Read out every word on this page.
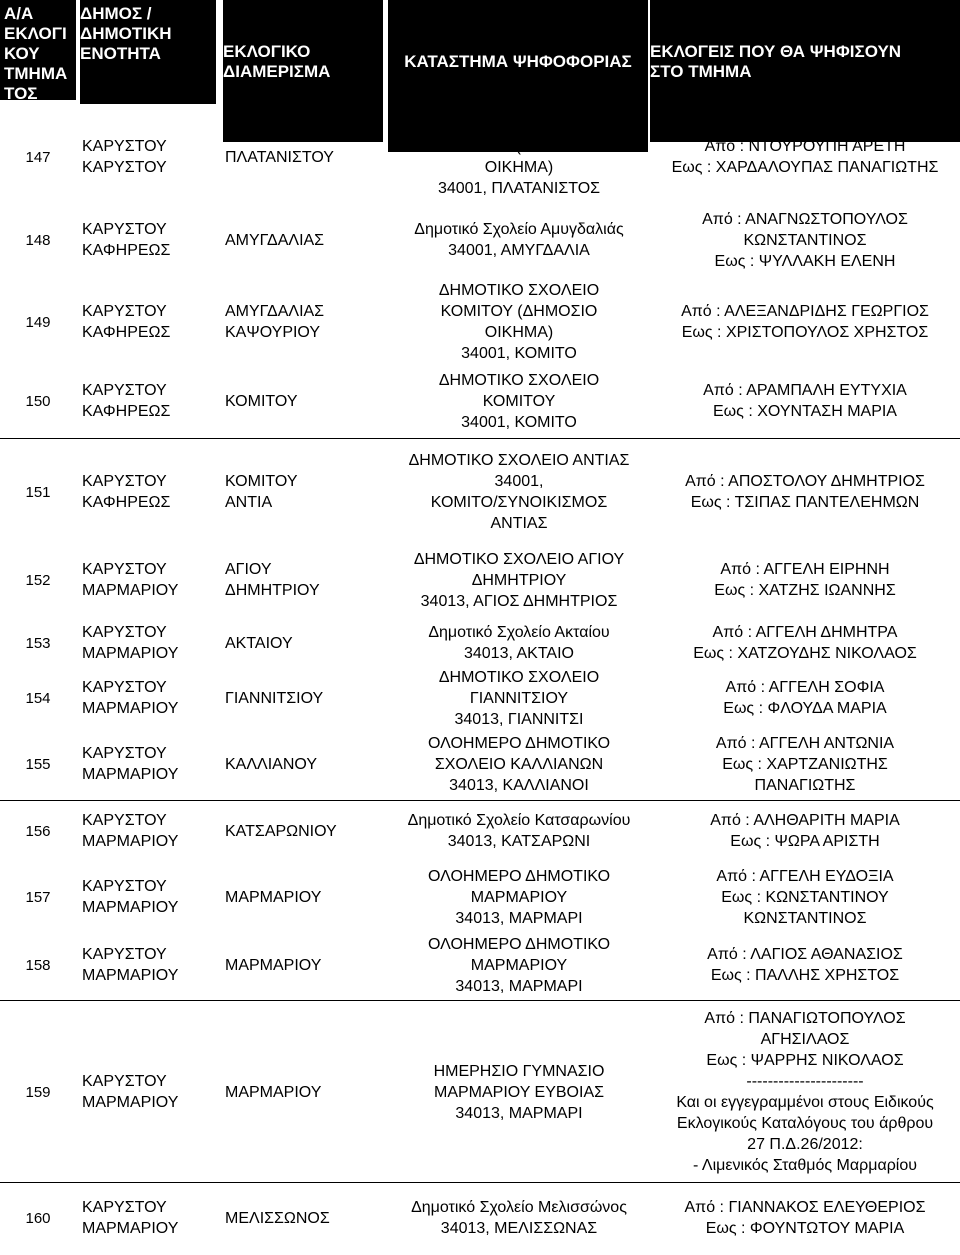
Α/Α
ΕΚΛΟΓΙ
ΚΟΥ
ΤΜΗΜΑ
ΤΟΣ
ΔΗΜΟΣ /
ΔΗΜΟΤΙΚΗ
ΕΝΟΤΗΤΑ	ΕΚΛΟΓΙΚΟ
ΔΙΑΜΕΡΙΣΜΑ
ΚΑΤΑΣΤΗΜΑ ΨΗΦΟΦΟΡΙΑΣ
ΕΚΛΟΓΕΙΣ ΠΟΥ ΘΑ ΨΗΦΙΣΟΥΝ
ΣΤΟ ΤΜΗΜΑ
147
ΚΑΡΥΣΤΟΥ
ΚΑΡΥΣΤΟΥ
ΠΛΑΤΑΝΙΣΤΟΥ
ΠΡΩΗΝ ΚΟΙΝΟΤΙΚΟ
ΓΡΑΦΕΙΟ (ΔΗΜΟΣΙΟ
ΟΙΚΗΜΑ)
34001, ΠΛΑΤΑΝΙΣΤΟΣ
Από : ΝΤΟΥΡΟΥΠΗ ΑΡΕΤΗ
Εως : ΧΑΡΔΑΛΟΥΠΑΣ ΠΑΝΑΓΙΩΤΗΣ
148
ΚΑΡΥΣΤΟΥ
ΚΑΦΗΡΕΩΣ
ΑΜΥΓΔΑΛΙΑΣ
Δημοτικό Σχολείο Αμυγδαλιάς
34001, ΑΜΥΓΔΑΛΙΑ
Από : ΑΝΑΓΝΩΣΤΟΠΟΥΛΟΣ
ΚΩΝΣΤΑΝΤΙΝΟΣ
Εως : ΨΥΛΛΑΚΗ ΕΛΕΝΗ
149
ΚΑΡΥΣΤΟΥ
ΚΑΦΗΡΕΩΣ
ΑΜΥΓΔΑΛΙΑΣ
ΚΑΨΟΥΡΙΟΥ
ΔΗΜΟΤΙΚΟ ΣΧΟΛΕΙΟ
ΚΟΜΙΤΟΥ (ΔΗΜΟΣΙΟ
ΟΙΚΗΜΑ)
34001, ΚΟΜΙΤΟ
Από : ΑΛΕΞΑΝΔΡΙΔΗΣ ΓΕΩΡΓΙΟΣ
Εως : ΧΡΙΣΤΟΠΟΥΛΟΣ ΧΡΗΣΤΟΣ
150
ΚΑΡΥΣΤΟΥ
ΚΑΦΗΡΕΩΣ
ΚΟΜΙΤΟΥ
ΔΗΜΟΤΙΚΟ ΣΧΟΛΕΙΟ
ΚΟΜΙΤΟΥ
34001, ΚΟΜΙΤΟ
Από : ΑΡΑΜΠΑΛΗ ΕΥΤΥΧΙΑ
Εως : ΧΟΥΝΤΑΣΗ ΜΑΡΙΑ
151
ΚΑΡΥΣΤΟΥ
ΚΑΦΗΡΕΩΣ
ΚΟΜΙΤΟΥ
ΑΝΤΙΑ
ΔΗΜΟΤΙΚΟ ΣΧΟΛΕΙΟ ΑΝΤΙΑΣ
34001,
ΚΟΜΙΤΟ/ΣΥΝΟΙΚΙΣΜΟΣ
ΑΝΤΙΑΣ
Από : ΑΠΟΣΤΟΛΟΥ ΔΗΜΗΤΡΙΟΣ
Εως : ΤΣΙΠΑΣ ΠΑΝΤΕΛΕΗΜΩΝ
152
ΚΑΡΥΣΤΟΥ
ΜΑΡΜΑΡΙΟΥ
ΑΓΙΟΥ
ΔΗΜΗΤΡΙΟΥ
ΔΗΜΟΤΙΚΟ ΣΧΟΛΕΙΟ ΑΓΙΟΥ
ΔΗΜΗΤΡΙΟΥ
34013, ΑΓΙΟΣ ΔΗΜΗΤΡΙΟΣ
Από : ΑΓΓΕΛΗ ΕΙΡΗΝΗ
Εως : ΧΑΤΖΗΣ ΙΩΑΝΝΗΣ
153
ΚΑΡΥΣΤΟΥ
ΜΑΡΜΑΡΙΟΥ
ΑΚΤΑΙΟΥ
Δημοτικό Σχολείο Ακταίου
34013, ΑΚΤΑΙΟ
Από : ΑΓΓΕΛΗ ΔΗΜΗΤΡΑ
Εως : ΧΑΤΖΟΥΔΗΣ ΝΙΚΟΛΑΟΣ
154
ΚΑΡΥΣΤΟΥ
ΜΑΡΜΑΡΙΟΥ
ΓΙΑΝΝΙΤΣΙΟΥ
ΔΗΜΟΤΙΚΟ ΣΧΟΛΕΙΟ
ΓΙΑΝΝΙΤΣΙΟΥ
34013, ΓΙΑΝΝΙΤΣΙ
Από : ΑΓΓΕΛΗ ΣΟΦΙΑ
Εως : ΦΛΟΥΔΑ ΜΑΡΙΑ
155
ΚΑΡΥΣΤΟΥ
ΜΑΡΜΑΡΙΟΥ
ΚΑΛΛΙΑΝΟΥ
ΟΛΟΗΜΕΡΟ ΔΗΜΟΤΙΚΟ
ΣΧΟΛΕΙΟ ΚΑΛΛΙΑΝΩΝ
34013, ΚΑΛΛΙΑΝΟΙ
Από : ΑΓΓΕΛΗ ΑΝΤΩΝΙΑ
Εως : ΧΑΡΤΖΑΝΙΩΤΗΣ
ΠΑΝΑΓΙΩΤΗΣ
156
ΚΑΡΥΣΤΟΥ
ΜΑΡΜΑΡΙΟΥ
ΚΑΤΣΑΡΩΝΙΟΥ
Δημοτικό Σχολείο Κατσαρωνίου
34013, ΚΑΤΣΑΡΩΝΙ
Από : ΑΛΗΘΑΡΙΤΗ ΜΑΡΙΑ
Εως : ΨΩΡΑ ΑΡΙΣΤΗ
157
ΚΑΡΥΣΤΟΥ
ΜΑΡΜΑΡΙΟΥ
ΜΑΡΜΑΡΙΟΥ
ΟΛΟΗΜΕΡΟ ΔΗΜΟΤΙΚΟ
ΜΑΡΜΑΡΙΟΥ
34013, ΜΑΡΜΑΡΙ
Από : ΑΓΓΕΛΗ ΕΥΔΟΞΙΑ
Εως : ΚΩΝΣΤΑΝΤΙΝΟΥ
ΚΩΝΣΤΑΝΤΙΝΟΣ
158
ΚΑΡΥΣΤΟΥ
ΜΑΡΜΑΡΙΟΥ
ΜΑΡΜΑΡΙΟΥ
ΟΛΟΗΜΕΡΟ ΔΗΜΟΤΙΚΟ
ΜΑΡΜΑΡΙΟΥ
34013, ΜΑΡΜΑΡΙ
Από : ΛΑΓΙΟΣ ΑΘΑΝΑΣΙΟΣ
Εως : ΠΑΛΛΗΣ ΧΡΗΣΤΟΣ
159
ΚΑΡΥΣΤΟΥ
ΜΑΡΜΑΡΙΟΥ
ΜΑΡΜΑΡΙΟΥ
ΗΜΕΡΗΣΙΟ ΓΥΜΝΑΣΙΟ
ΜΑΡΜΑΡΙΟΥ ΕΥΒΟΙΑΣ
34013, ΜΑΡΜΑΡΙ
Από : ΠΑΝΑΓΙΩΤΟΠΟΥΛΟΣ
ΑΓΗΣΙΛΑΟΣ
Εως : ΨΑΡΡΗΣ ΝΙΚΟΛΑΟΣ
----------------------
Και οι εγγεγραμμένοι στους Ειδικούς
Εκλογικούς Καταλόγους του άρθρου
27 Π.Δ.26/2012:
- Λιμενικός Σταθμός Μαρμαρίου
160
ΚΑΡΥΣΤΟΥ
ΜΑΡΜΑΡΙΟΥ
ΜΕΛΙΣΣΩΝΟΣ
Δημοτικό Σχολείο Μελισσώνος
34013, ΜΕΛΙΣΣΩΝΑΣ
Από : ΓΙΑΝΝΑΚΟΣ ΕΛΕΥΘΕΡΙΟΣ
Εως : ΦΟΥΝΤΩΤΟΥ ΜΑΡΙΑ
